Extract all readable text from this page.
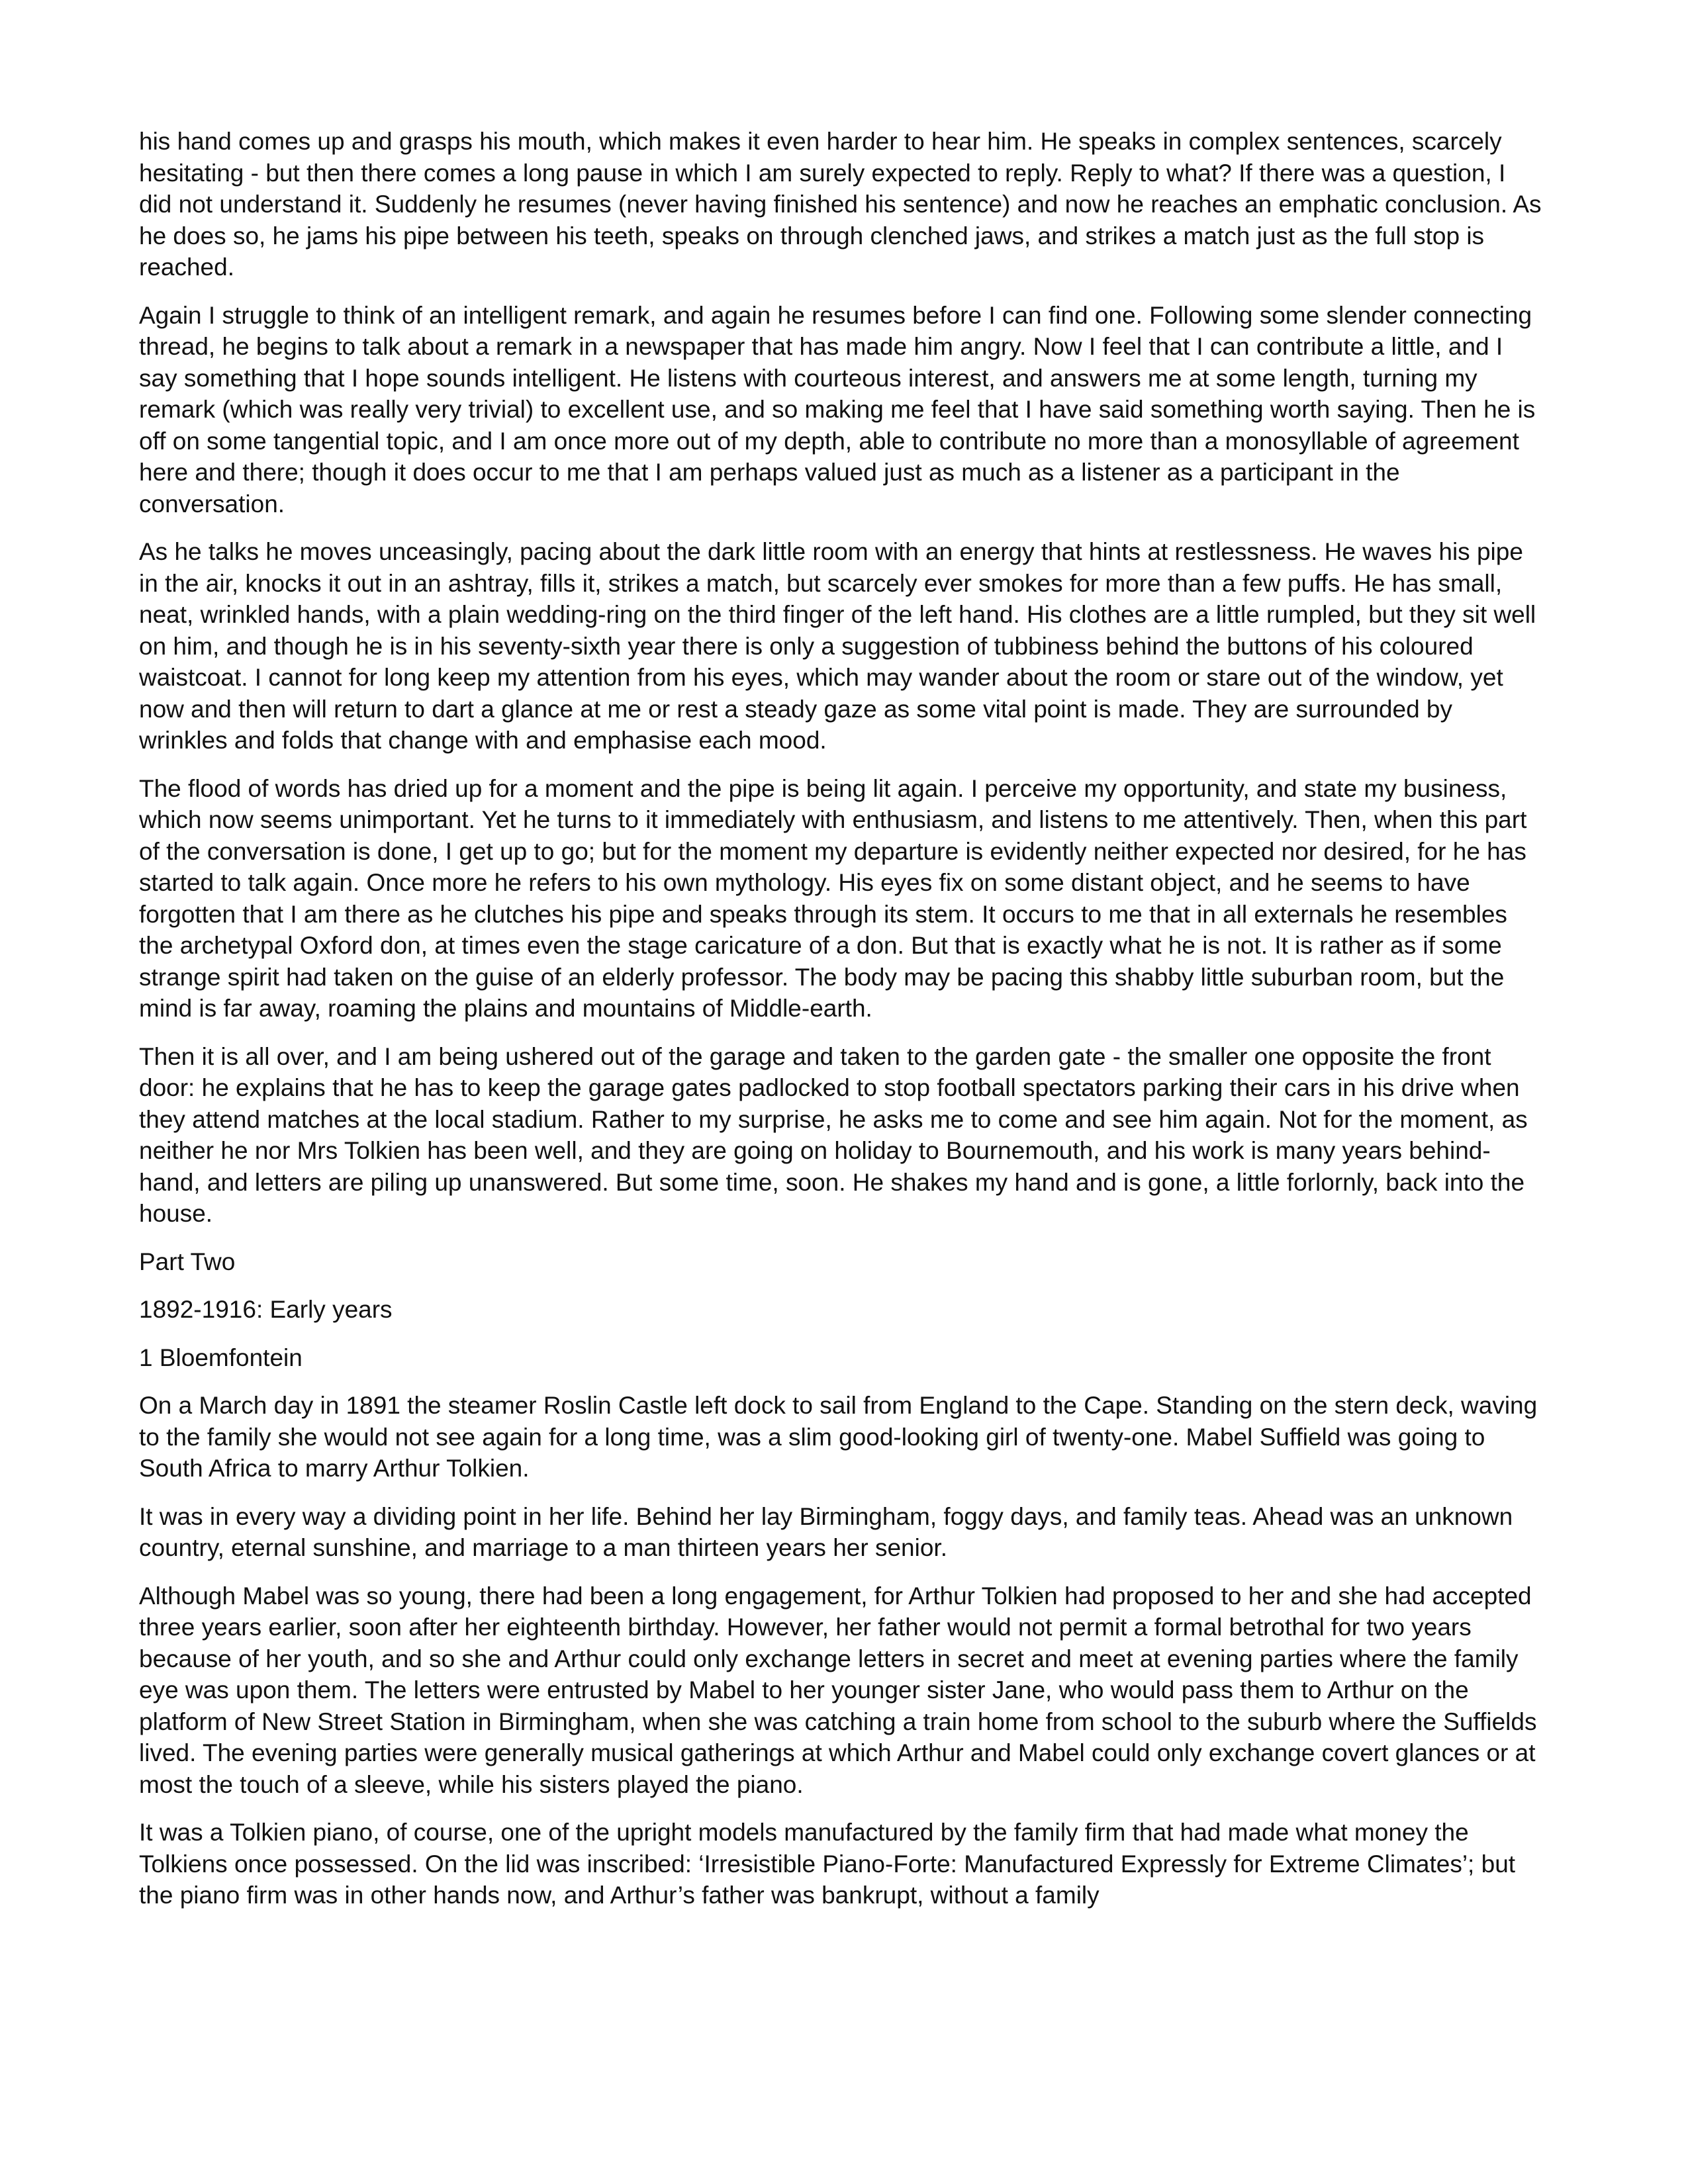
his hand comes up and grasps his mouth, which makes it even harder to hear him. He speaks in complex sentences, scarcely hesitating - but then there comes a long pause in which I am surely expected to reply. Reply to what? If there was a question, I did not understand it. Suddenly he resumes (never having finished his sentence) and now he reaches an emphatic conclusion. As he does so, he jams his pipe between his teeth, speaks on through clenched jaws, and strikes a match just as the full stop is reached.

Again I struggle to think of an intelligent remark, and again he resumes before I can find one. Following some slender connecting thread, he begins to talk about a remark in a newspaper that has made him angry. Now I feel that I can contribute a little, and I say something that I hope sounds intelligent. He listens with courteous interest, and answers me at some length, turning my remark (which was really very trivial) to excellent use, and so making me feel that I have said something worth saying. Then he is off on some tangential topic, and I am once more out of my depth, able to contribute no more than a monosyllable of agreement here and there; though it does occur to me that I am perhaps valued just as much as a listener as a participant in the conversation.

As he talks he moves unceasingly, pacing about the dark little room with an energy that hints at restlessness. He waves his pipe in the air, knocks it out in an ashtray, fills it, strikes a match, but scarcely ever smokes for more than a few puffs. He has small, neat, wrinkled hands, with a plain wedding-ring on the third finger of the left hand. His clothes are a little rumpled, but they sit well on him, and though he is in his seventy-sixth year there is only a suggestion of tubbiness behind the buttons of his coloured waistcoat. I cannot for long keep my attention from his eyes, which may wander about the room or stare out of the window, yet now and then will return to dart a glance at me or rest a steady gaze as some vital point is made. They are surrounded by wrinkles and folds that change with and emphasise each mood.

The flood of words has dried up for a moment and the pipe is being lit again. I perceive my opportunity, and state my business, which now seems unimportant. Yet he turns to it immediately with enthusiasm, and listens to me attentively. Then, when this part of the conversation is done, I get up to go; but for the moment my departure is evidently neither expected nor desired, for he has started to talk again. Once more he refers to his own mythology. His eyes fix on some distant object, and he seems to have forgotten that I am there as he clutches his pipe and speaks through its stem. It occurs to me that in all externals he resembles the archetypal Oxford don, at times even the stage caricature of a don. But that is exactly what he is not. It is rather as if some strange spirit had taken on the guise of an elderly professor. The body may be pacing this shabby little suburban room, but the mind is far away, roaming the plains and mountains of Middle-earth.

Then it is all over, and I am being ushered out of the garage and taken to the garden gate - the smaller one opposite the front door: he explains that he has to keep the garage gates padlocked to stop football spectators parking their cars in his drive when they attend matches at the local stadium. Rather to my surprise, he asks me to come and see him again. Not for the moment, as neither he nor Mrs Tolkien has been well, and they are going on holiday to Bournemouth, and his work is many years behind-hand, and letters are piling up unanswered. But some time, soon. He shakes my hand and is gone, a little forlornly, back into the house.

Part Two

1892-1916: Early years

1 Bloemfontein

On a March day in 1891 the steamer Roslin Castle left dock to sail from England to the Cape. Standing on the stern deck, waving to the family she would not see again for a long time, was a slim good-looking girl of twenty-one. Mabel Suffield was going to South Africa to marry Arthur Tolkien.

It was in every way a dividing point in her life. Behind her lay Birmingham, foggy days, and family teas. Ahead was an unknown country, eternal sunshine, and marriage to a man thirteen years her senior.

Although Mabel was so young, there had been a long engagement, for Arthur Tolkien had proposed to her and she had accepted three years earlier, soon after her eighteenth birthday. However, her father would not permit a formal betrothal for two years because of her youth, and so she and Arthur could only exchange letters in secret and meet at evening parties where the family eye was upon them. The letters were entrusted by Mabel to her younger sister Jane, who would pass them to Arthur on the platform of New Street Station in Birmingham, when she was catching a train home from school to the suburb where the Suffields lived. The evening parties were generally musical gatherings at which Arthur and Mabel could only exchange covert glances or at most the touch of a sleeve, while his sisters played the piano.

It was a Tolkien piano, of course, one of the upright models manufactured by the family firm that had made what money the Tolkiens once possessed. On the lid was inscribed: ‘Irresistible Piano-Forte: Manufactured Expressly for Extreme Climates’; but the piano firm was in other hands now, and Arthur’s father was bankrupt, without a family
